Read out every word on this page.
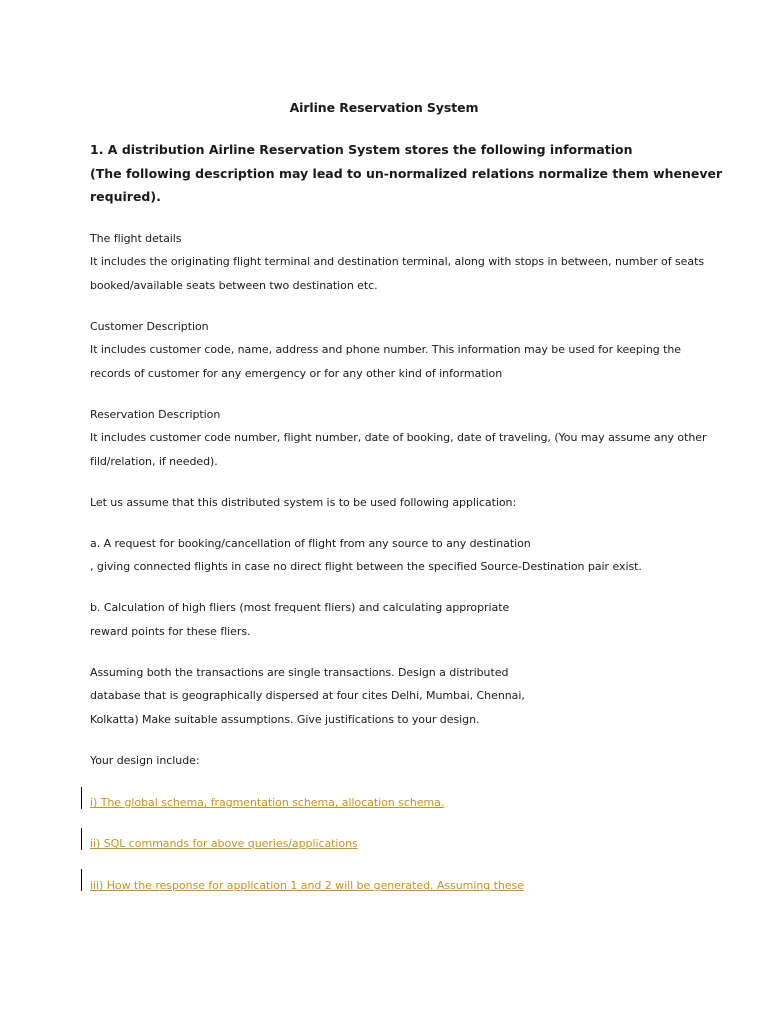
Airline Reservation System
1. A distribution Airline Reservation System stores the following information
(The following description may lead to un-normalized relations normalize them whenever
required).
The flight details
It includes the originating flight terminal and destination terminal, along with stops in between, number of seats
booked/available seats between two destination etc.
Customer Description
It includes customer code, name, address and phone number. This information may be used for keeping the
records of customer for any emergency or for any other kind of information
Reservation Description
It includes customer code number, flight number, date of booking, date of traveling, (You may assume any other
fild/relation, if needed).
Let us assume that this distributed system is to be used following application:
a. A request for booking/cancellation of flight from any source to any destination
, giving connected flights in case no direct flight between the specified Source-Destination pair exist.
b. Calculation of high fliers (most frequent fliers) and calculating appropriate
reward points for these fliers.
Assuming both the transactions are single transactions. Design a distributed
database that is geographically dispersed at four cites Delhi, Mumbai, Chennai,
Kolkatta) Make suitable assumptions. Give justifications to your design.
Your design include:
i) The global schema, fragmentation schema, allocation schema.
ii) SQL commands for above queries/applications
iii) How the response for application 1 and 2 will be generated. Assuming these
